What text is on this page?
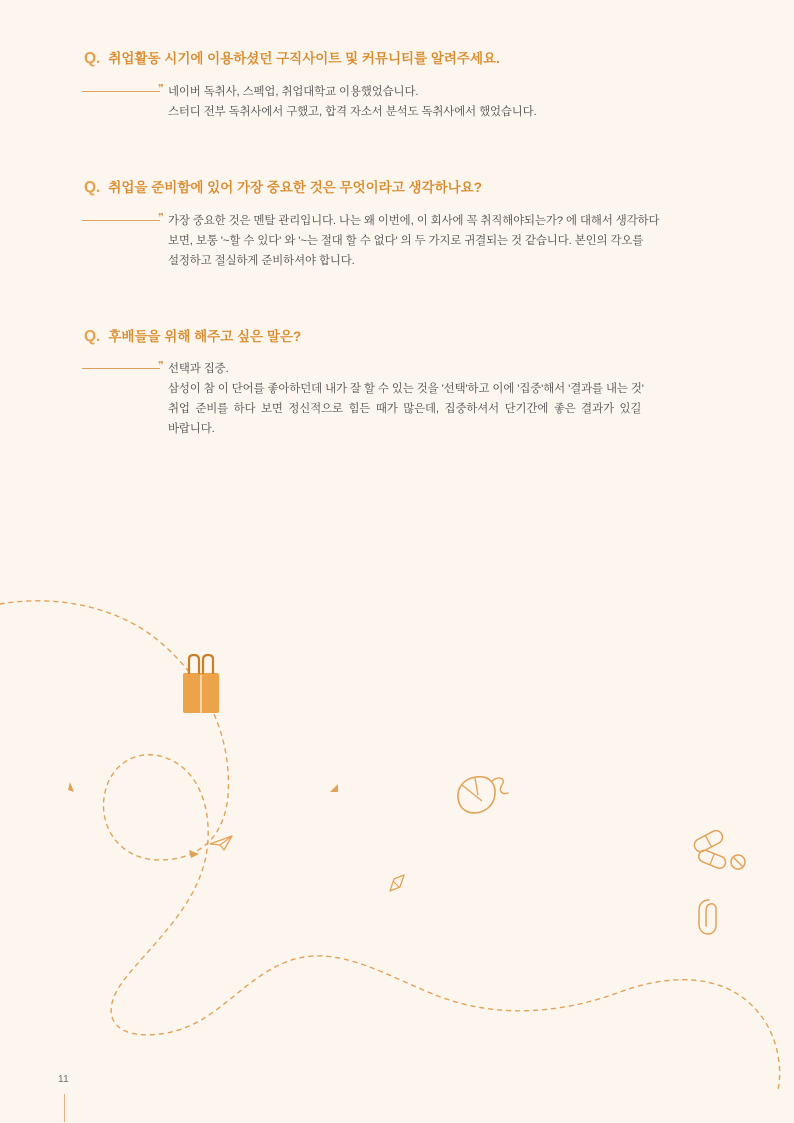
Q. 취업활동 시기에 이용하셨던 구직사이트 및 커뮤니티를 알려주세요.
❞ 네이버 독취사, 스펙업, 취업대학교 이용했었습니다.
스터디 전부 독취사에서 구했고, 합격 자소서 분석도 독취사에서 했었습니다.
Q. 취업을 준비함에 있어 가장 중요한 것은 무엇이라고 생각하나요?
❞ 가장 중요한 것은 멘탈 관리입니다. 나는 왜 이번에, 이 회사에 꼭 취직해야되는가? 에 대해서 생각하다
보면, 보통 '~할 수 있다' 와 '~는 절대 할 수 없다' 의 두 가지로 귀결되는 것 같습니다. 본인의 각오를
설정하고 절실하게 준비하셔야 합니다.
Q. 후배들을 위해 해주고 싶은 말은?
❞ 선택과 집중.
삼성이 참 이 단어를 좋아하던데 내가 잘 할 수 있는 것을 '선택'하고 이에 '집중'해서 '결과를 내는 것'
취업 준비를 하다 보면 정신적으로 힘든 때가 많은데, 집중하셔서 단기간에 좋은 결과가 있길
바랍니다.
11
